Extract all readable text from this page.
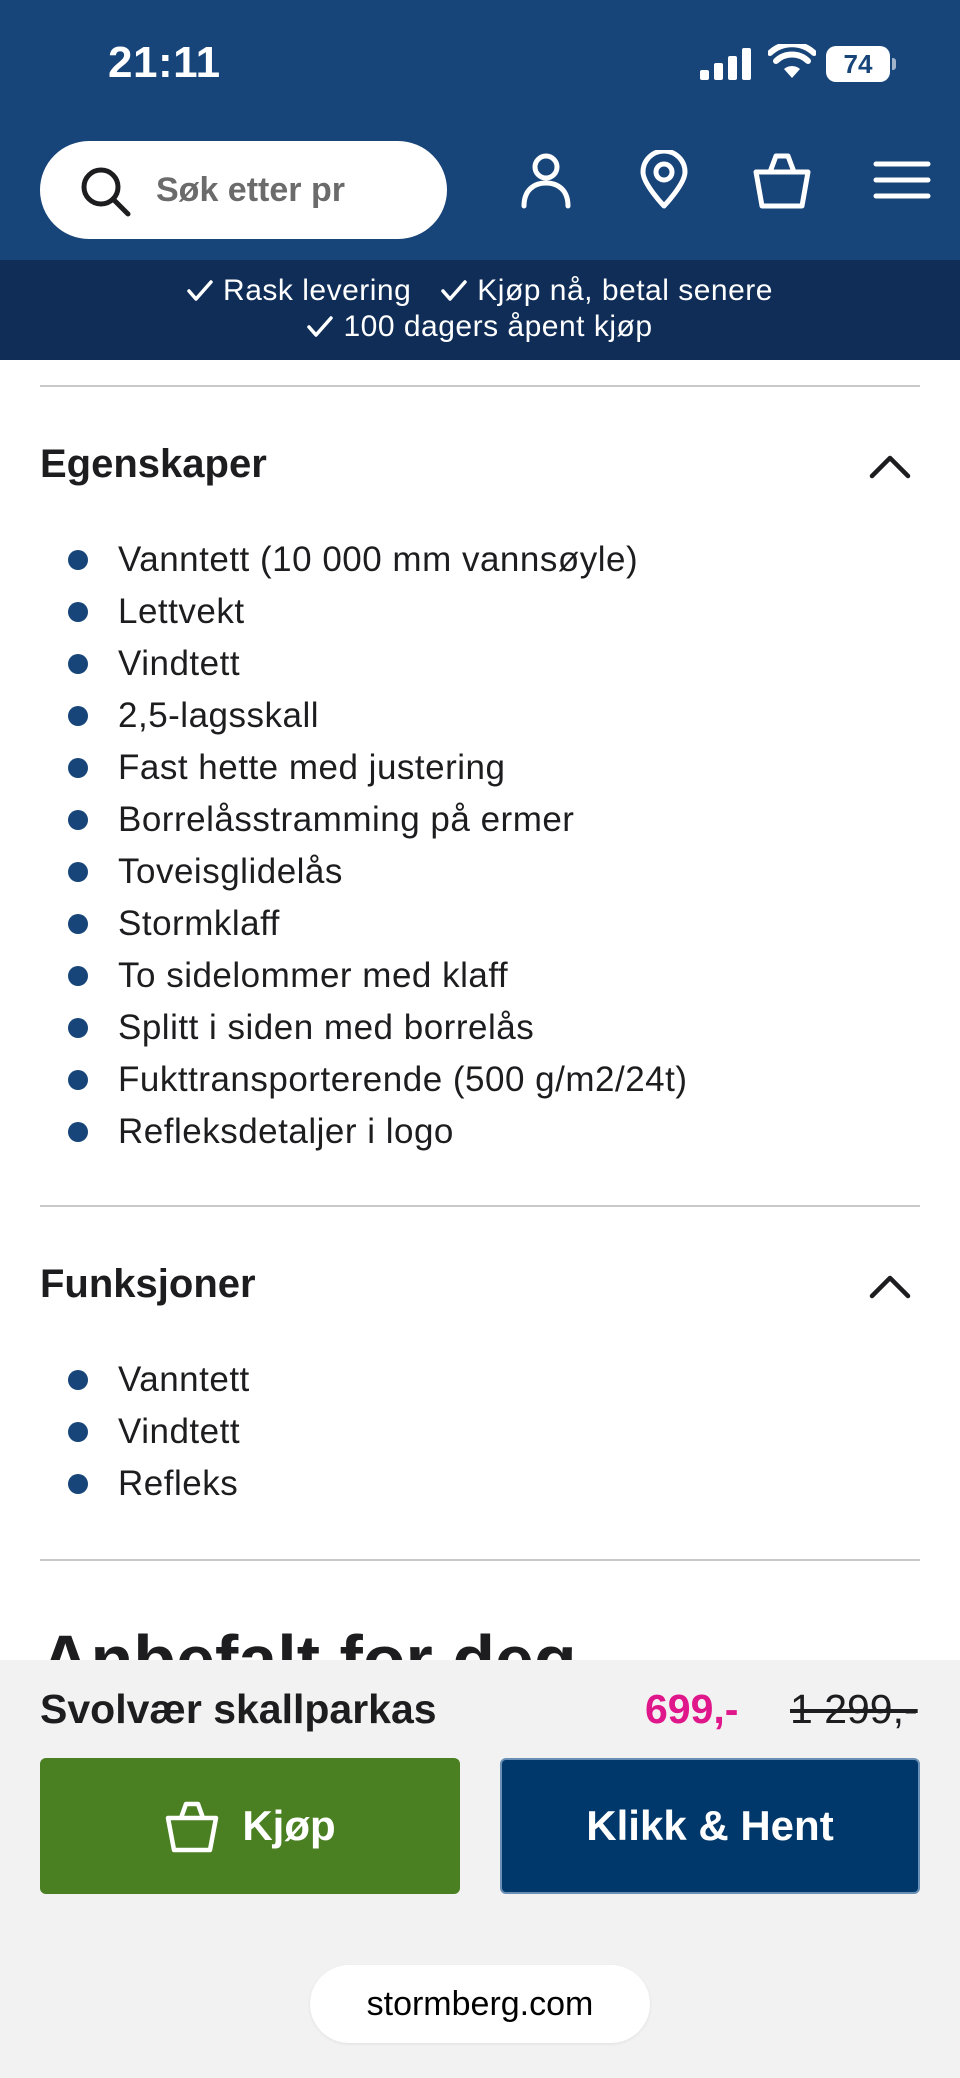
21:11	74
Søk etter pr
Rask levering Kjøp nå, betal senere
100 dagers åpent kjøp
Egenskaper
Vanntett (10 000 mm vannsøyle)
Lettvekt
Vindtett
2,5-lagsskall
Fast hette med justering
Borrelåsstramming på ermer
Toveisglidelås
Stormklaff
To sidelommer med klaff
Splitt i siden med borrelås
Fukttransporterende (500 g/m2/24t)
Refleksdetaljer i logo
Funksjoner
Vanntett
Vindtett
Refleks
Svolvær skallparkas	699,- 1 299,-
Kjøp	Klikk & Hent
stormberg.com
